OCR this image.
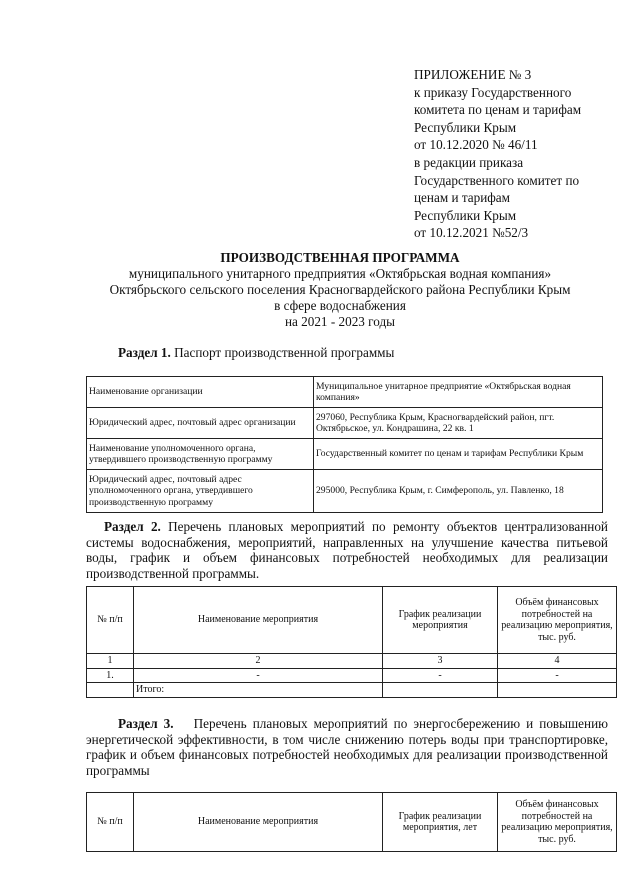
ПРИЛОЖЕНИЕ № 3
к приказу Государственного
комитета по ценам и тарифам
Республики Крым
от 10.12.2020 № 46/11
в редакции приказа
Государственного комитет по
ценам и тарифам
Республики Крым
от 10.12.2021 №52/3
ПРОИЗВОДСТВЕННАЯ ПРОГРАММА
муниципального унитарного предприятия «Октябрьская водная компания»
Октябрьского сельского поселения Красногвардейского района Республики Крым
в сфере водоснабжения
на 2021 - 2023 годы
Раздел 1. Паспорт производственной программы
Наименование организации	Муниципальное унитарное предприятие «Октябрьская водная компания»
Юридический адрес, почтовый адрес организации	297060, Республика Крым, Красногвардейский район, пгт. Октябрьское, ул. Кондрашина, 22 кв. 1
Наименование уполномоченного органа, утвердившего производственную программу	Государственный комитет по ценам и тарифам Республики Крым
Юридический адрес, почтовый адрес уполномоченного органа, утвердившего производственную программу	295000, Республика Крым, г. Симферополь, ул. Павленко, 18
Раздел 2. Перечень плановых мероприятий по ремонту объектов централизованной системы водоснабжения, мероприятий, направленных на улучшение качества питьевой воды, график и объем финансовых потребностей необходимых для реализации производственной программы.
№ п/п	Наименование мероприятия	График реализации мероприятия	Объём финансовых потребностей на реализацию мероприятия, тыс. руб.
1	2	3	4
1.	-	-	-
	Итого:		
Раздел 3. Перечень плановых мероприятий по энергосбережению и повышению энергетической эффективности, в том числе снижению потерь воды при транспортировке, график и объем финансовых потребностей необходимых для реализации производственной программы
№ п/п	Наименование мероприятия	График реализации мероприятия, лет	Объём финансовых потребностей на реализацию мероприятия, тыс. руб.
